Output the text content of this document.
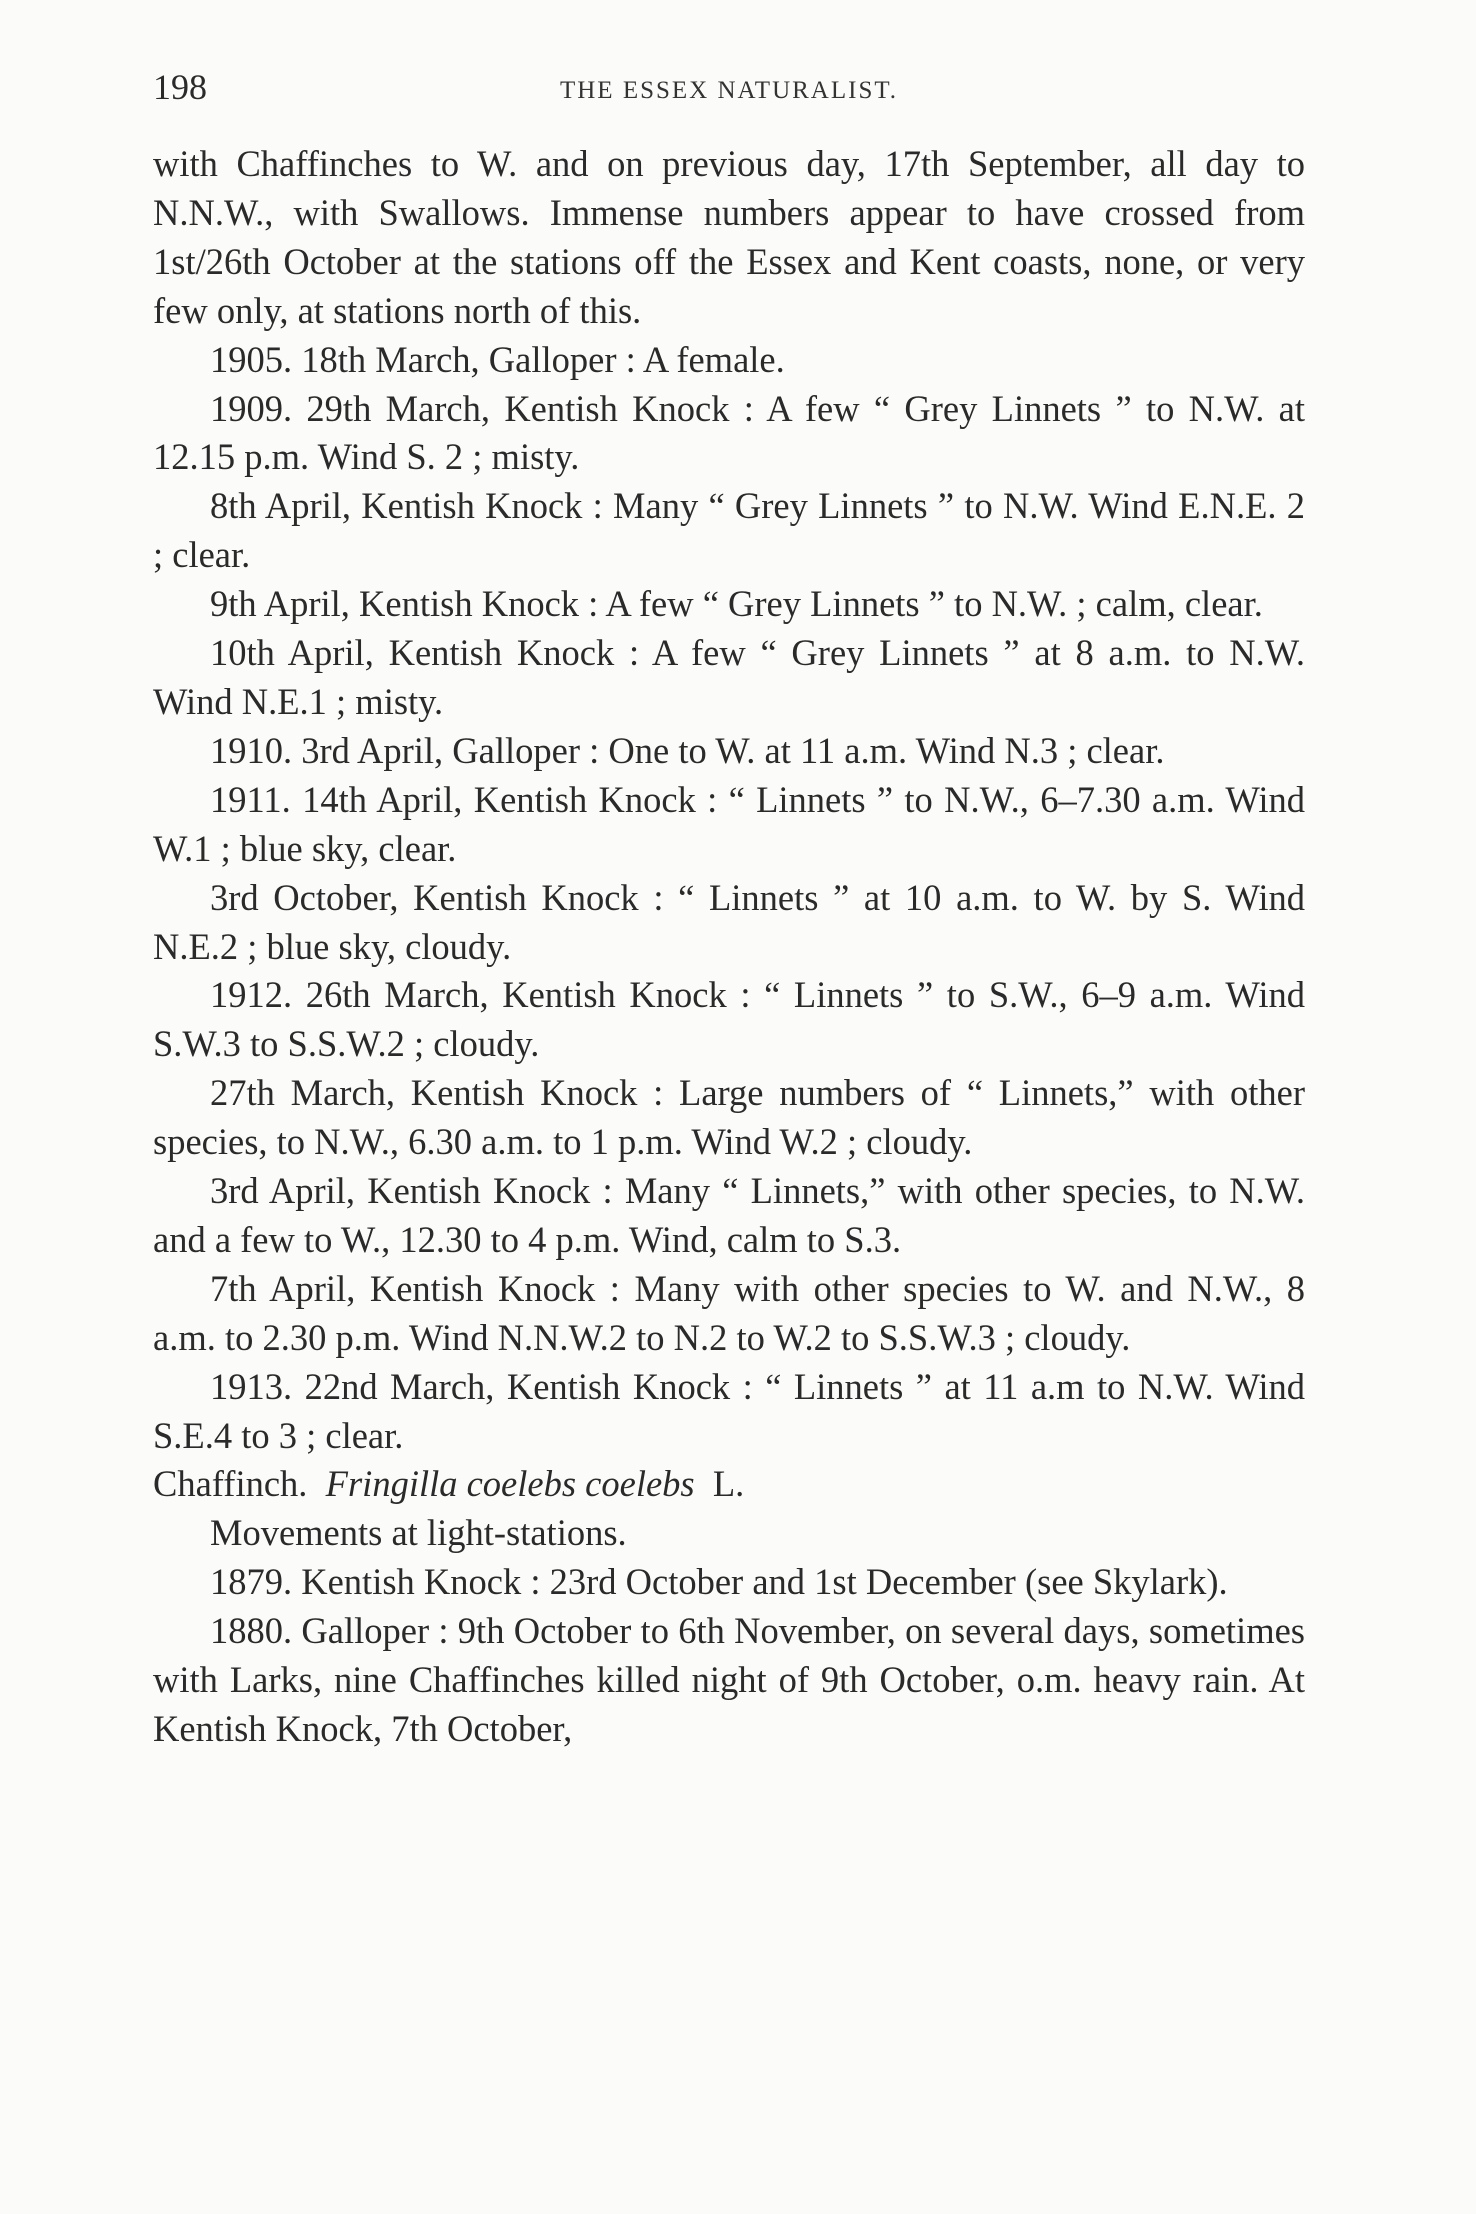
198	THE ESSEX NATURALIST.

with Chaffinches to W. and on previous day, 17th September, all day to N.N.W., with Swallows. Immense numbers appear to have crossed from 1st/26th October at the stations off the Essex and Kent coasts, none, or very few only, at stations north of this.

1905. 18th March, Galloper : A female.

1909. 29th March, Kentish Knock : A few “ Grey Linnets ” to N.W. at 12.15 p.m. Wind S. 2 ; misty.

8th April, Kentish Knock : Many “ Grey Linnets ” to N.W. Wind E.N.E. 2 ; clear.

9th April, Kentish Knock : A few “ Grey Linnets ” to N.W. ; calm, clear.

10th April, Kentish Knock : A few “ Grey Linnets ” at 8 a.m. to N.W. Wind N.E.1 ; misty.

1910. 3rd April, Galloper : One to W. at 11 a.m. Wind N.3 ; clear.

1911. 14th April, Kentish Knock : “ Linnets ” to N.W., 6–7.30 a.m. Wind W.1 ; blue sky, clear.

3rd October, Kentish Knock : “ Linnets ” at 10 a.m. to W. by S. Wind N.E.2 ; blue sky, cloudy.

1912. 26th March, Kentish Knock : “ Linnets ” to S.W., 6–9 a.m. Wind S.W.3 to S.S.W.2 ; cloudy.

27th March, Kentish Knock : Large numbers of “ Linnets,” with other species, to N.W., 6.30 a.m. to 1 p.m. Wind W.2 ; cloudy.

3rd April, Kentish Knock : Many “ Linnets,” with other species, to N.W. and a few to W., 12.30 to 4 p.m. Wind, calm to S.3.

7th April, Kentish Knock : Many with other species to W. and N.W., 8 a.m. to 2.30 p.m. Wind N.N.W.2 to N.2 to W.2 to S.S.W.3 ; cloudy.

1913. 22nd March, Kentish Knock : “ Linnets ” at 11 a.m to N.W. Wind S.E.4 to 3 ; clear.

Chaffinch. Fringilla coelebs coelebs L.

Movements at light-stations.

1879. Kentish Knock : 23rd October and 1st December (see Skylark).

1880. Galloper : 9th October to 6th November, on several days, sometimes with Larks, nine Chaffinches killed night of 9th October, o.m. heavy rain. At Kentish Knock, 7th October,
